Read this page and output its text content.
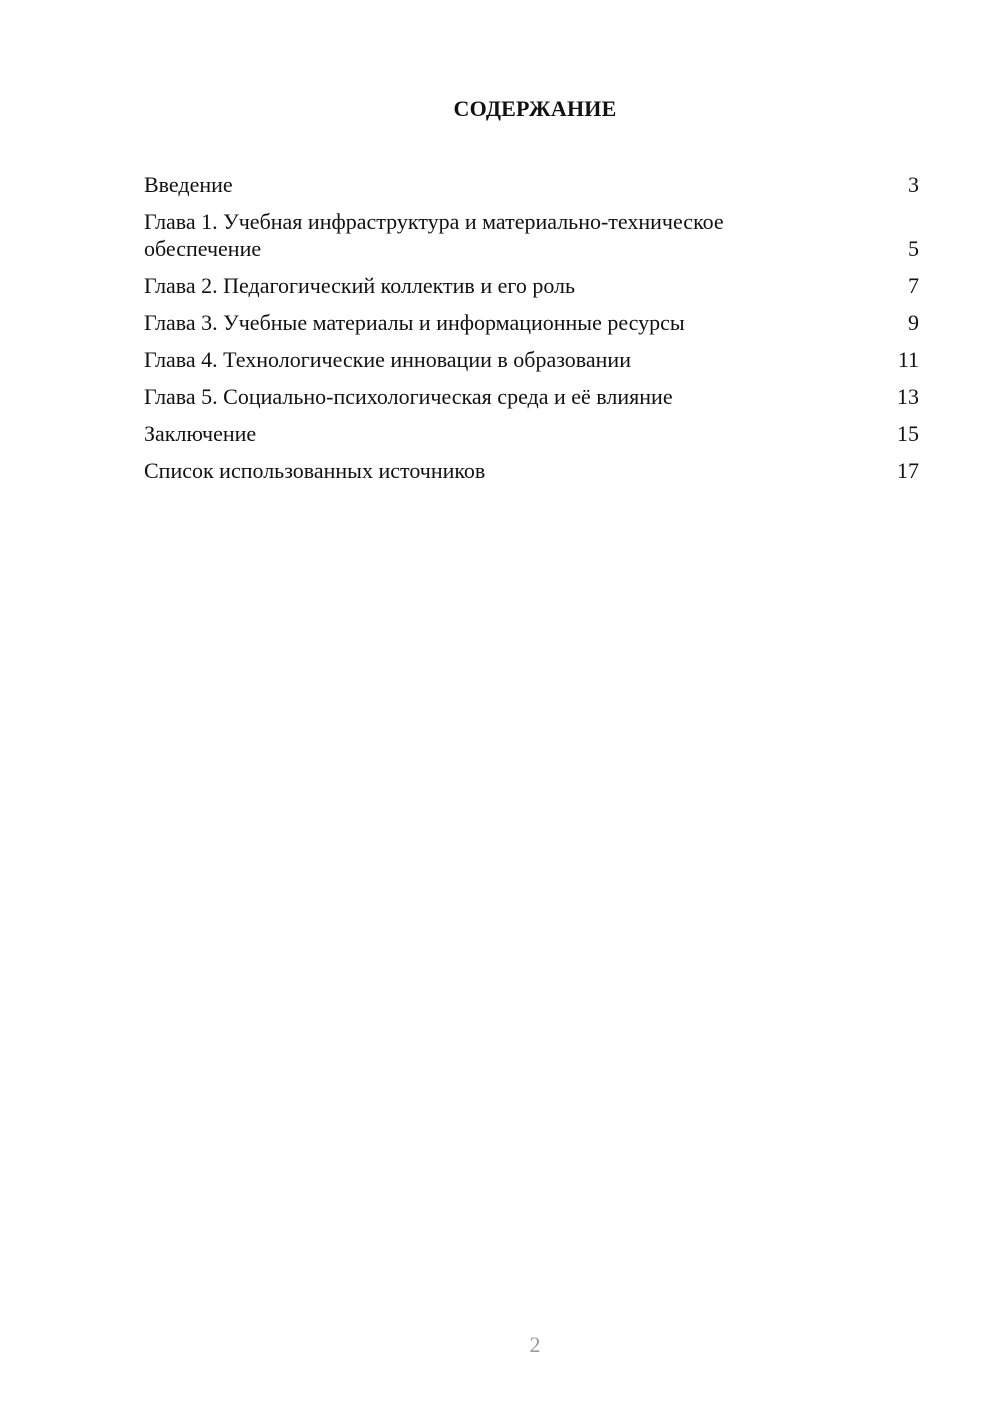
СОДЕРЖАНИЕ
Введение	3
Глава 1. Учебная инфраструктура и материально-техническое обеспечение	5
Глава 2. Педагогический коллектив и его роль	7
Глава 3. Учебные материалы и информационные ресурсы	9
Глава 4. Технологические инновации в образовании	11
Глава 5. Социально-психологическая среда и её влияние	13
Заключение	15
Список использованных источников	17
2
